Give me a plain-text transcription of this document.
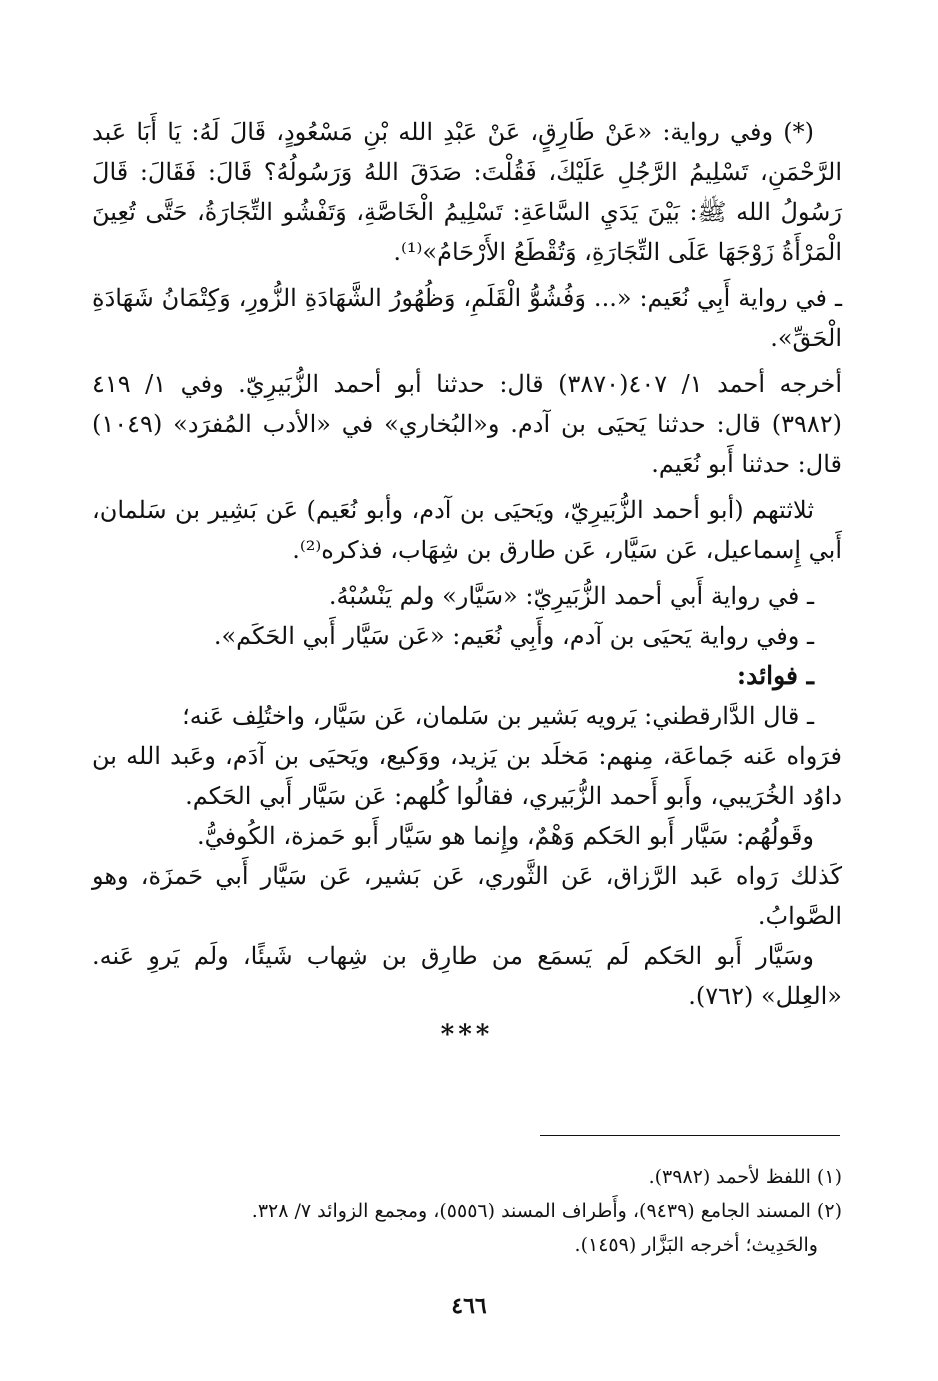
(*) وفي رواية: «عَنْ طَارِقٍ، عَنْ عَبْدِ الله بْنِ مَسْعُودٍ، قَالَ لَهُ: يَا أَبَا عَبد الرَّحْمَنِ، تَسْلِيمُ الرَّجُلِ عَلَيْكَ، فَقُلْتَ: صَدَقَ اللهُ وَرَسُولُهُ؟ قَالَ: فَقَالَ: قَالَ رَسُولُ الله ﷺ: بَيْنَ يَدَيِ السَّاعَةِ: تَسْلِيمُ الْخَاصَّةِ، وَتَفْشُو التِّجَارَةُ، حَتَّى تُعِينَ الْمَرْأَةُ زَوْجَهَا عَلَى التِّجَارَةِ، وَتُقْطَعُ الأَرْحَامُ»⁽¹⁾.

ـ في رواية أَبِي نُعَيم: «... وَفُشُوُّ الْقَلَمِ، وَظُهُورُ الشَّهَادَةِ الزُّورِ، وَكِتْمَانُ شَهَادَةِ الْحَقِّ».

أخرجه أحمد ١/ ٤٠٧(٣٨٧٠) قال: حدثنا أبو أحمد الزُّبَيرِيّ. وفي ١/ ٤١٩ (٣٩٨٢) قال: حدثنا يَحيَى بن آدم. و«البُخاري» في «الأدب المُفرَد» (١٠٤٩) قال: حدثنا أَبو نُعَيم.

ثلاثتهم (أبو أحمد الزُّبَيرِيّ، ويَحيَى بن آدم، وأبو نُعَيم) عَن بَشِير بن سَلمان، أَبي إِسماعيل، عَن سَيَّار، عَن طارق بن شِهَاب، فذكره⁽²⁾.

ـ في رواية أَبي أحمد الزُّبَيرِيّ: «سَيَّار» ولم يَنْسُبْهُ.

ـ وفي رواية يَحيَى بن آدم، وأَبِي نُعَيم: «عَن سَيَّار أَبي الحَكَم».

ـ فوائد:

ـ قال الدَّارقطني: يَرويه بَشير بن سَلمان، عَن سَيَّار، واختُلِف عَنه؛

فرَواه عَنه جَماعَة، مِنهم: مَخلَد بن يَزيد، ووَكيع، ويَحيَى بن آدَم، وعَبد الله بن داوُد الخُرَيبي، وأَبو أَحمد الزُّبَيري، فقالُوا كُلهم: عَن سَيَّار أَبي الحَكم.

وقَولُهُم: سَيَّار أَبو الحَكم وَهْمٌ، وإِنما هو سَيَّار أَبو حَمزة، الكُوفيُّ.

كَذلك رَواه عَبد الرَّزاق، عَن الثَّوري، عَن بَشير، عَن سَيَّار أَبي حَمزَة، وهو الصَّوابُ.

وسَيَّار أَبو الحَكم لَم يَسمَع من طارِق بن شِهاب شَيئًا، ولَم يَروِ عَنه. «العِلل» (٧٦٢).

***

(١) اللفظ لأحمد (٣٩٨٢).

(٢) المسند الجامع (٩٤٣٩)، وأَطراف المسند (٥٥٥٦)، ومجمع الزوائد ٧/ ٣٢٨.

والحَدِيث؛ أخرجه البَزَّار (١٤٥٩).

٤٦٦
